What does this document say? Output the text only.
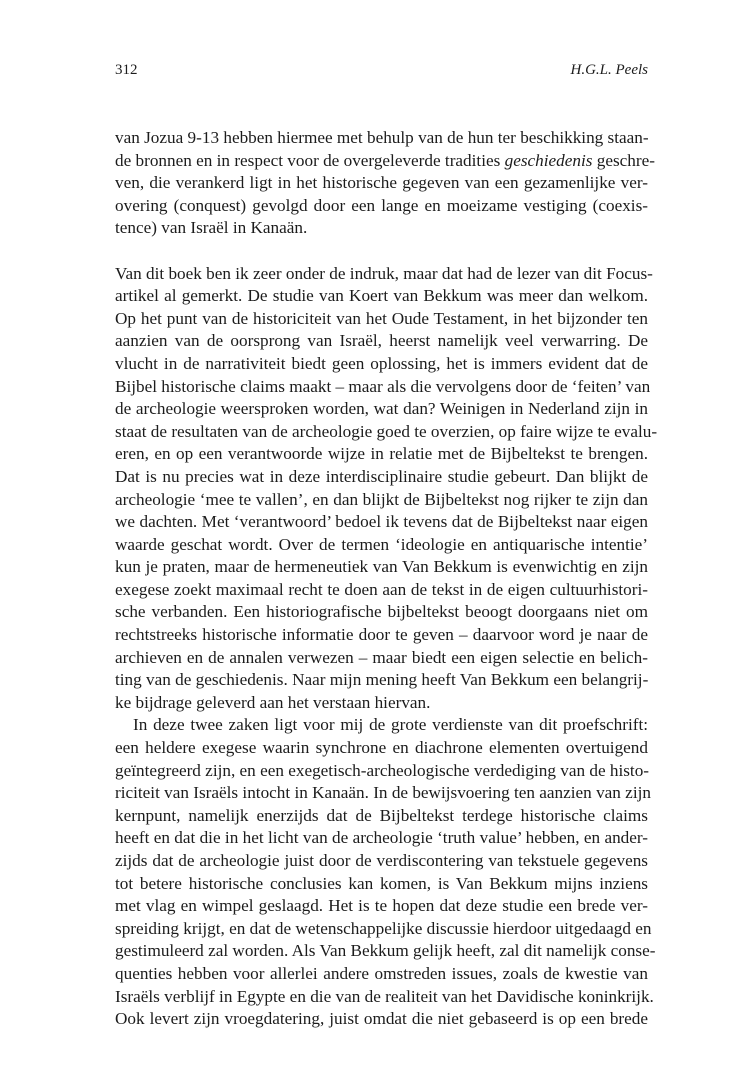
312	H.G.L. Peels
van Jozua 9-13 hebben hiermee met behulp van de hun ter beschikking staan-
de bronnen en in respect voor de overgeleverde tradities geschiedenis geschre-
ven, die verankerd ligt in het historische gegeven van een gezamenlijke ver-
overing (conquest) gevolgd door een lange en moeizame vestiging (coexis-
tence) van Israël in Kanaän.
Van dit boek ben ik zeer onder de indruk, maar dat had de lezer van dit Focus-
artikel al gemerkt. De studie van Koert van Bekkum was meer dan welkom.
Op het punt van de historiciteit van het Oude Testament, in het bijzonder ten
aanzien van de oorsprong van Israël, heerst namelijk veel verwarring. De
vlucht in de narrativiteit biedt geen oplossing, het is immers evident dat de
Bijbel historische claims maakt – maar als die vervolgens door de ‘feiten’ van
de archeologie weersproken worden, wat dan? Weinigen in Nederland zijn in
staat de resultaten van de archeologie goed te overzien, op faire wijze te evalu-
eren, en op een verantwoorde wijze in relatie met de Bijbeltekst te brengen.
Dat is nu precies wat in deze interdisciplinaire studie gebeurt. Dan blijkt de
archeologie ‘mee te vallen’, en dan blijkt de Bijbeltekst nog rijker te zijn dan
we dachten. Met ‘verantwoord’ bedoel ik tevens dat de Bijbeltekst naar eigen
waarde geschat wordt. Over de termen ‘ideologie en antiquarische intentie’
kun je praten, maar de hermeneutiek van Van Bekkum is evenwichtig en zijn
exegese zoekt maximaal recht te doen aan de tekst in de eigen cultuurhistori-
sche verbanden. Een historiografische bijbeltekst beoogt doorgaans niet om
rechtstreeks historische informatie door te geven – daarvoor word je naar de
archieven en de annalen verwezen – maar biedt een eigen selectie en belich-
ting van de geschiedenis. Naar mijn mening heeft Van Bekkum een belangrij-
ke bijdrage geleverd aan het verstaan hiervan.
In deze twee zaken ligt voor mij de grote verdienste van dit proefschrift:
een heldere exegese waarin synchrone en diachrone elementen overtuigend
geïntegreerd zijn, en een exegetisch-archeologische verdediging van de histo-
riciteit van Israëls intocht in Kanaän. In de bewijsvoering ten aanzien van zijn
kernpunt, namelijk enerzijds dat de Bijbeltekst terdege historische claims
heeft en dat die in het licht van de archeologie ‘truth value’ hebben, en ander-
zijds dat de archeologie juist door de verdiscontering van tekstuele gegevens
tot betere historische conclusies kan komen, is Van Bekkum mijns inziens
met vlag en wimpel geslaagd. Het is te hopen dat deze studie een brede ver-
spreiding krijgt, en dat de wetenschappelijke discussie hierdoor uitgedaagd en
gestimuleerd zal worden. Als Van Bekkum gelijk heeft, zal dit namelijk conse-
quenties hebben voor allerlei andere omstreden issues, zoals de kwestie van
Israëls verblijf in Egypte en die van de realiteit van het Davidische koninkrijk.
Ook levert zijn vroegdatering, juist omdat die niet gebaseerd is op een brede
